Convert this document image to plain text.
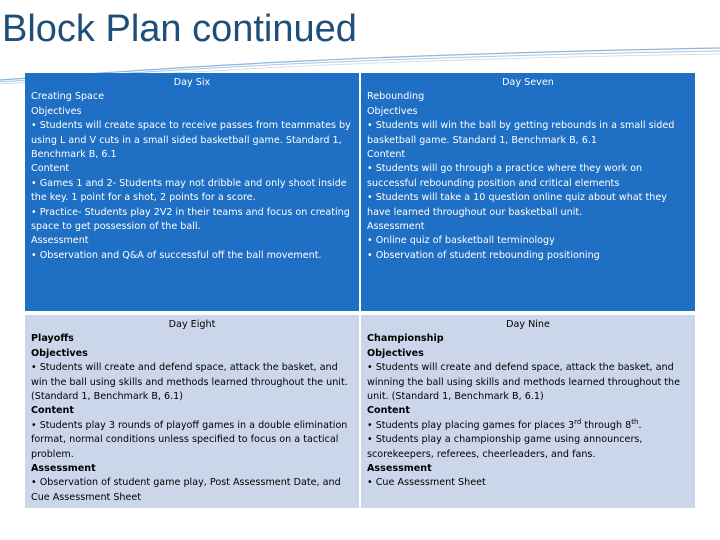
Block Plan continued
Day Six
Creating Space
Objectives
• Students will create space to receive passes from teammates by using L and V cuts in a small sided basketball game. Standard 1, Benchmark B, 6.1
Content
• Games 1 and 2- Students may not dribble and only shoot inside the key. 1 point for a shot, 2 points for a score.
• Practice- Students play 2V2 in their teams and focus on creating space to get possession of the ball.
Assessment
• Observation and Q&A of successful off the ball movement.
Day Seven
Rebounding
Objectives
• Students will win the ball by getting rebounds in a small sided basketball game. Standard 1, Benchmark B, 6.1
Content
• Students will go through a practice where they work on successful rebounding position and critical elements
• Students will take a 10 question online quiz about what they have learned throughout our basketball unit.
Assessment
• Online quiz of basketball terminology
• Observation of student rebounding positioning
Day Eight
Playoffs
Objectives
• Students will create and defend space, attack the basket, and win the ball using skills and methods learned throughout the unit. (Standard 1, Benchmark B, 6.1)
Content
• Students play 3 rounds of playoff games in a double elimination format, normal conditions unless specified to focus on a tactical problem.
Assessment
• Observation of student game play, Post Assessment Date, and Cue Assessment Sheet
Day Nine
Championship
Objectives
• Students will create and defend space, attack the basket, and winning the ball using skills and methods learned throughout the unit. (Standard 1, Benchmark B, 6.1)
Content
• Students play placing games for places 3rd through 8th.
• Students play a championship game using announcers, scorekeepers, referees, cheerleaders, and fans.
Assessment
• Cue Assessment Sheet
